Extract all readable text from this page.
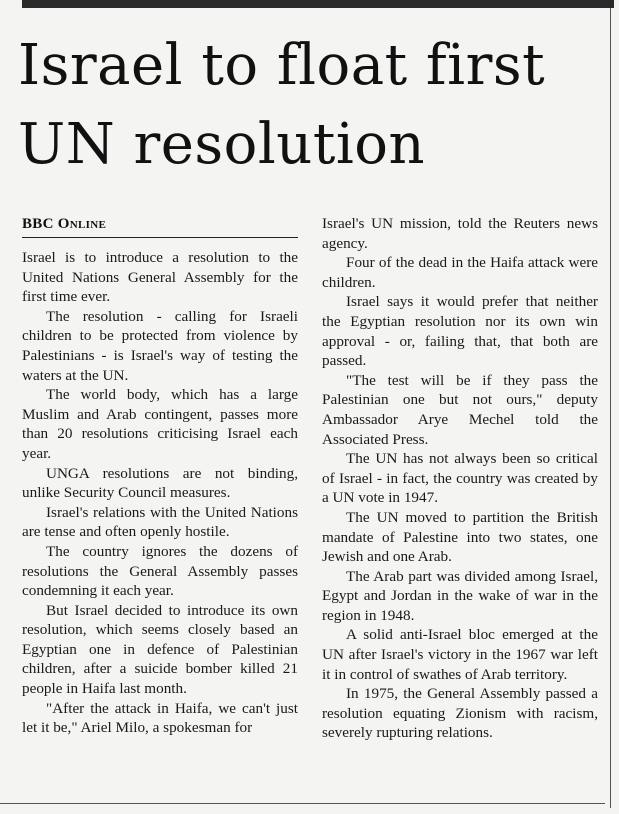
Israel to float first UN resolution
BBC Online

Israel is to introduce a resolution to the United Nations General Assembly for the first time ever.

The resolution - calling for Israeli children to be protected from violence by Palestinians - is Israel's way of testing the waters at the UN.

The world body, which has a large Muslim and Arab contingent, passes more than 20 resolutions criticising Israel each year.

UNGA resolutions are not binding, unlike Security Council measures.

Israel's relations with the United Nations are tense and often openly hostile.

The country ignores the dozens of resolutions the General Assembly passes condemning it each year.

But Israel decided to introduce its own resolution, which seems closely based an Egyptian one in defence of Palestinian children, after a suicide bomber killed 21 people in Haifa last month.

"After the attack in Haifa, we can't just let it be," Ariel Milo, a spokesman for

Israel's UN mission, told the Reuters news agency.

Four of the dead in the Haifa attack were children.

Israel says it would prefer that neither the Egyptian resolution nor its own win approval - or, failing that, that both are passed.

"The test will be if they pass the Palestinian one but not ours," deputy Ambassador Arye Mechel told the Associated Press.

The UN has not always been so critical of Israel - in fact, the country was created by a UN vote in 1947.

The UN moved to partition the British mandate of Palestine into two states, one Jewish and one Arab.

The Arab part was divided among Israel, Egypt and Jordan in the wake of war in the region in 1948.

A solid anti-Israel bloc emerged at the UN after Israel's victory in the 1967 war left it in control of swathes of Arab territory.

In 1975, the General Assembly passed a resolution equating Zionism with racism, severely rupturing relations.
